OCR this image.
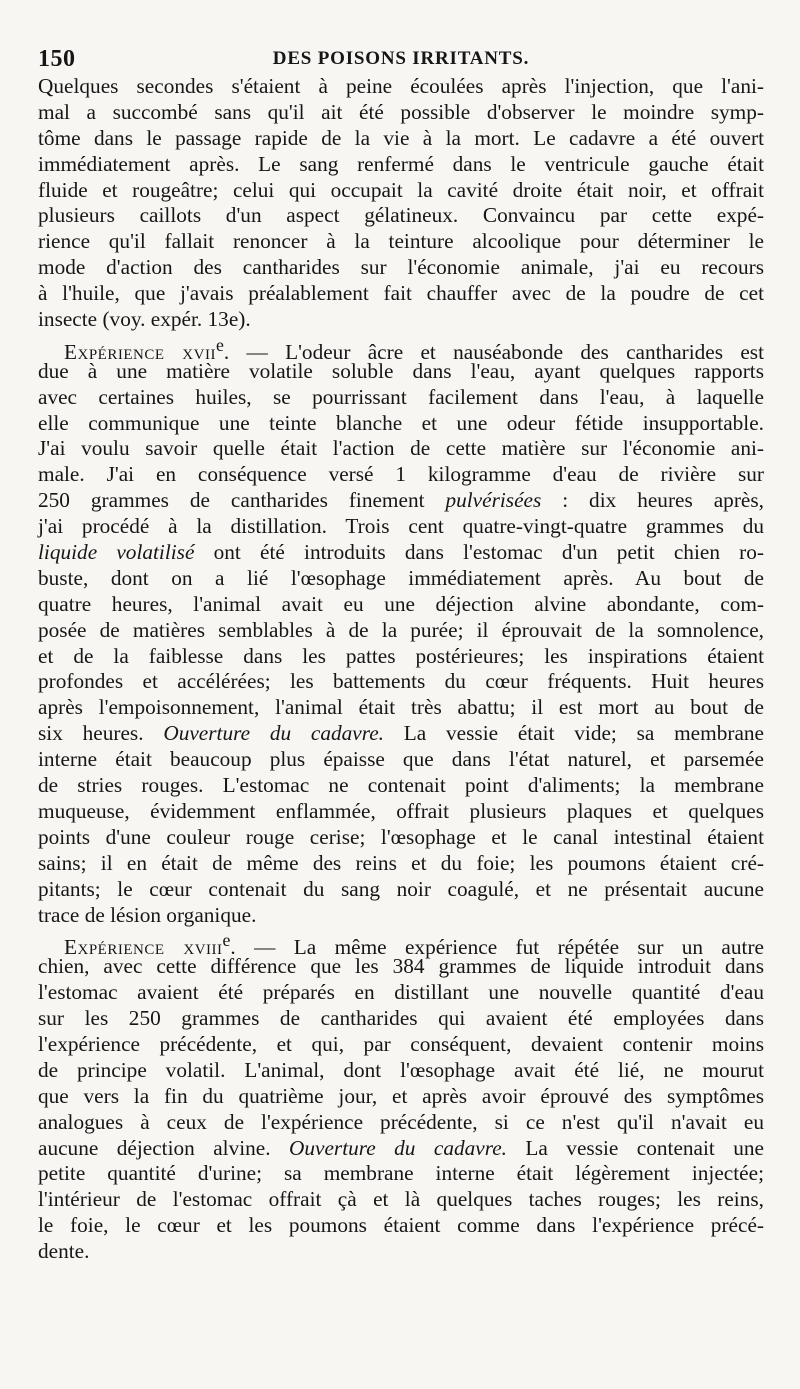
150	DES POISONS IRRITANTS.
Quelques secondes s'étaient à peine écoulées après l'injection, que l'ani-
mal a succombé sans qu'il ait été possible d'observer le moindre symp-
tôme dans le passage rapide de la vie à la mort. Le cadavre a été ouvert
immédiatement après. Le sang renfermé dans le ventricule gauche était
fluide et rougeâtre; celui qui occupait la cavité droite était noir, et offrait
plusieurs caillots d'un aspect gélatineux. Convaincu par cette expé-
rience qu'il fallait renoncer à la teinture alcoolique pour déterminer le
mode d'action des cantharides sur l'économie animale, j'ai eu recours
à l'huile, que j'avais préalablement fait chauffer avec de la poudre de cet
insecte (voy. expér. 13e).
Expérience xvii$^e$. — L'odeur âcre et nauséabonde des cantharides est
due à une matière volatile soluble dans l'eau, ayant quelques rapports
avec certaines huiles, se pourrissant facilement dans l'eau, à laquelle
elle communique une teinte blanche et une odeur fétide insupportable.
J'ai voulu savoir quelle était l'action de cette matière sur l'économie ani-
male. J'ai en conséquence versé 1 kilogramme d'eau de rivière sur
250 grammes de cantharides finement pulvérisées : dix heures après,
j'ai procédé à la distillation. Trois cent quatre-vingt-quatre grammes du
liquide volatilisé ont été introduits dans l'estomac d'un petit chien ro-
buste, dont on a lié l'œsophage immédiatement après. Au bout de
quatre heures, l'animal avait eu une déjection alvine abondante, com-
posée de matières semblables à de la purée; il éprouvait de la somnolence,
et de la faiblesse dans les pattes postérieures; les inspirations étaient
profondes et accélérées; les battements du cœur fréquents. Huit heures
après l'empoisonnement, l'animal était très abattu; il est mort au bout de
six heures. Ouverture du cadavre. La vessie était vide; sa membrane
interne était beaucoup plus épaisse que dans l'état naturel, et parsemée
de stries rouges. L'estomac ne contenait point d'aliments; la membrane
muqueuse, évidemment enflammée, offrait plusieurs plaques et quelques
points d'une couleur rouge cerise; l'œsophage et le canal intestinal étaient
sains; il en était de même des reins et du foie; les poumons étaient cré-
pitants; le cœur contenait du sang noir coagulé, et ne présentait aucune
trace de lésion organique.
Expérience xviii$^e$. — La même expérience fut répétée sur un autre
chien, avec cette différence que les 384 grammes de liquide introduit dans
l'estomac avaient été préparés en distillant une nouvelle quantité d'eau
sur les 250 grammes de cantharides qui avaient été employées dans
l'expérience précédente, et qui, par conséquent, devaient contenir moins
de principe volatil. L'animal, dont l'œsophage avait été lié, ne mourut
que vers la fin du quatrième jour, et après avoir éprouvé des symptômes
analogues à ceux de l'expérience précédente, si ce n'est qu'il n'avait eu
aucune déjection alvine. Ouverture du cadavre. La vessie contenait une
petite quantité d'urine; sa membrane interne était légèrement injectée;
l'intérieur de l'estomac offrait çà et là quelques taches rouges; les reins,
le foie, le cœur et les poumons étaient comme dans l'expérience précé-
dente.
